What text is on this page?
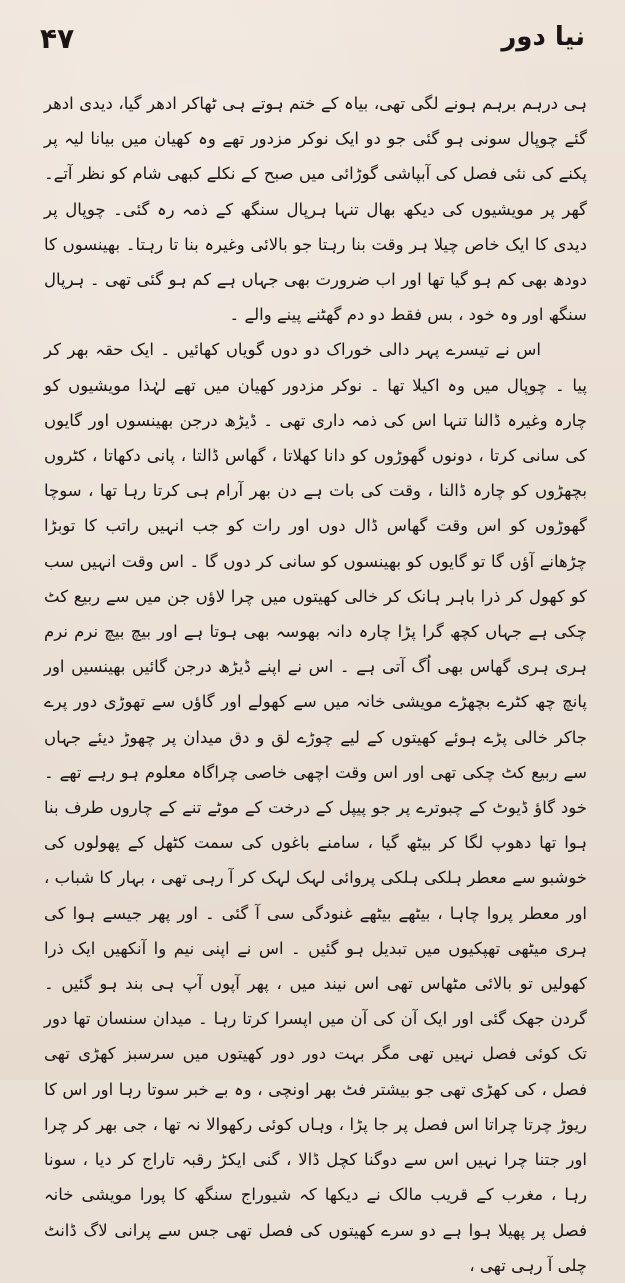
نیا دور
۴۷

ہی درہم برہم ہونے لگی تھی، بیاہ کے ختم ہوتے ہی ٹھاکر ادھر گیا، دیدی ادھر گئے چوپال سونی ہو گئی جو دو ایک نوکر مزدور تھے وہ کھیان میں بیانا لیہ پر پکنے کی نئی فصل کی آبپاشی گوڑائی میں صبح کے نکلے کبھی شام کو نظر آتے۔ گھر پر مویشیوں کی دیکھ بھال تنہا ہرپال سنگھ کے ذمہ رہ گئی۔ چوپال پر دیدی کا ایک خاص چیلا ہر وقت بنا رہتا جو بالائی وغیرہ بنا تا رہتا۔ بھینسوں کا دودھ بھی کم ہو گیا تھا اور اب ضرورت بھی جہاں ہے کم ہو گئی تھی ۔ ہرپال سنگھ اور وہ خود ، بس فقط دو دم گھٹنے پینے والے ۔

اس نے تیسرے پہر دالی خوراک دو دوں گویاں کھائیں ۔ ایک حقہ بھر کر پیا ۔ چوپال میں وہ اکیلا تھا ۔ نوکر مزدور کھیان میں تھے لہٰذا مویشیوں کو چارہ وغیرہ ڈالنا تنہا اس کی ذمہ داری تھی ۔ ڈیڑھ درجن بھینسوں اور گایوں کی سانی کرتا ، دونوں گھوڑوں کو دانا کھلاتا ، گھاس ڈالتا ، پانی دکھاتا ، کٹروں بچھڑوں کو چارہ ڈالنا ، وقت کی بات ہے دن بھر آرام ہی کرتا رہا تھا ، سوچا گھوڑوں کو اس وقت گھاس ڈال دوں اور رات کو جب انہیں راتب کا توبڑا چڑھانے آؤں گا تو گایوں کو بھینسوں کو سانی کر دوں گا ۔ اس وقت انہیں سب کو کھول کر ذرا باہر ہانک کر خالی کھیتوں میں چرا لاؤں جن میں سے ربیع کٹ چکی ہے جہاں کچھ گرا پڑا چارہ دانہ بھوسہ بھی ہوتا ہے اور بیچ بیچ نرم نرم ہری ہری گھاس بھی اُگ آتی ہے ۔ اس نے اپنے ڈیڑھ درجن گائیں بھینسیں اور پانچ چھ کٹرے بچھڑے مویشی خانہ میں سے کھولے اور گاؤں سے تھوڑی دور پرے جاکر خالی پڑے ہوئے کھیتوں کے لیے چوڑے لق و دق میدان پر چھوڑ دیئے جہاں سے ربیع کٹ چکی تھی اور اس وقت اچھی خاصی چراگاہ معلوم ہو رہے تھے ۔ خود گاؤ ڈیوٹ کے چبوترے پر جو پیپل کے درخت کے موٹے تنے کے چاروں طرف بنا ہوا تھا دھوپ لگا کر بیٹھ گیا ، سامنے باغوں کی سمت کٹھل کے پھولوں کی خوشبو سے معطر ہلکی ہلکی پروائی لہک لہک کر آ رہی تھی ، بہار کا شباب ، اور معطر پروا چاہا ، بیٹھے بیٹھے غنودگی سی آ گئی ۔ اور پھر جیسے ہوا کی ہری میٹھی تھپکیوں میں تبدیل ہو گئیں ۔ اس نے اپنی نیم وا آنکھیں ایک ذرا کھولیں تو بالائی مٹھاس تھی اس نیند میں ، پھر آپوں آپ ہی بند ہو گئیں ۔ گردن جھک گئی اور ایک آن کی آن میں اپسرا کرتا رہا ۔ میدان سنسان تھا دور تک کوئی فصل نہیں تھی مگر بہت دور دور کھیتوں میں سرسبز کھڑی تھی فصل ، کی کھڑی تھی جو بیشتر فٹ بھر اونچی ، وہ بے خبر سوتا رہا اور اس کا ریوڑ چرتا چراتا اس فصل پر جا پڑا ، وہاں کوئی رکھوالا نہ تھا ، جی بھر کر چرا اور جتنا چرا نہیں اس سے دوگنا کچل ڈالا ، گنی ایکڑ رقبہ تاراج کر دیا ، سونا رہا ، مغرب کے قریب مالک نے دیکھا کہ شیوراج سنگھ کا پورا مویشی خانہ فصل پر پھیلا ہوا ہے دو سرے کھیتوں کی فصل تھی جس سے پرانی لاگ ڈانٹ چلی آ رہی تھی ،
